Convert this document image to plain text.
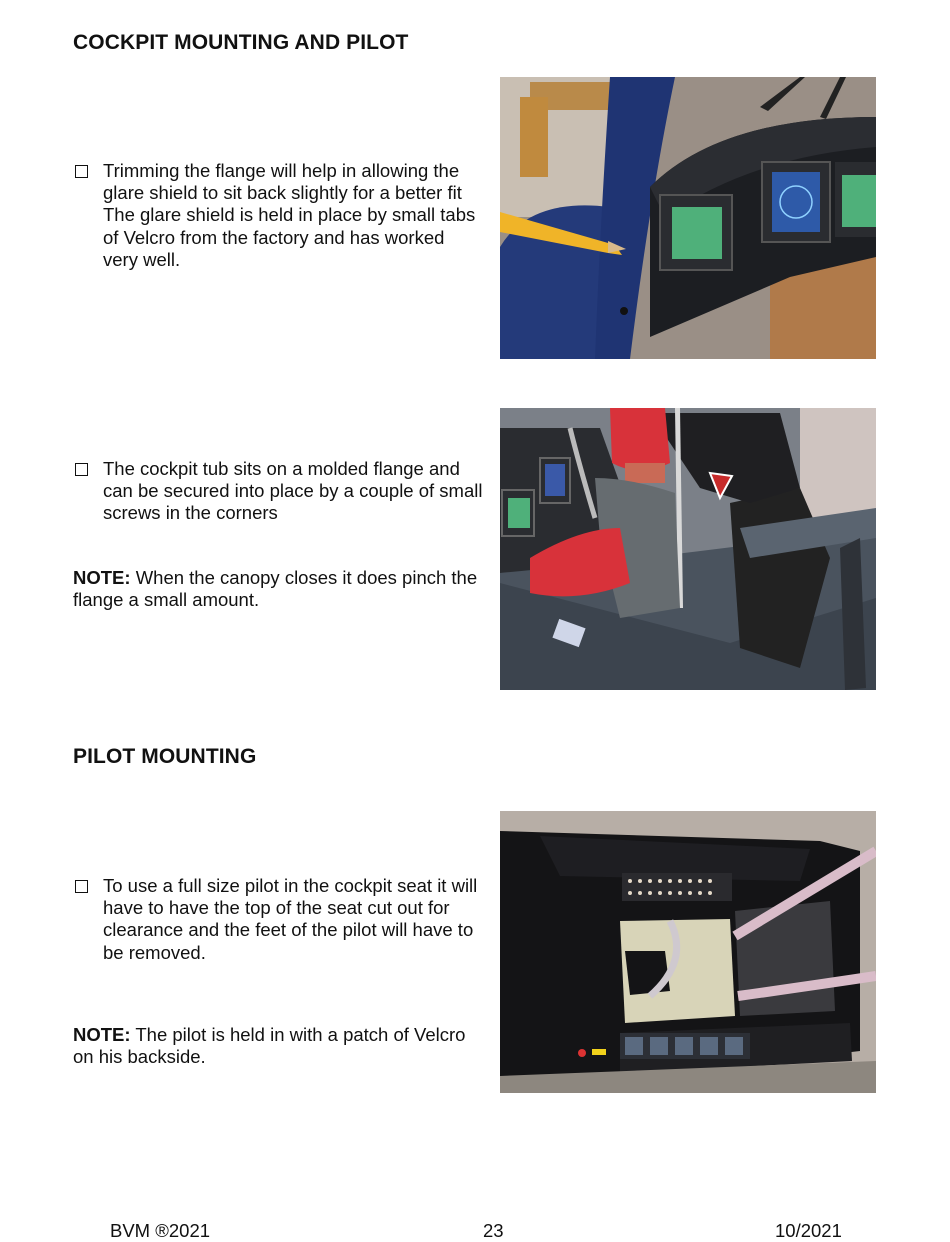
COCKPIT MOUNTING AND PILOT
Trimming the flange will help in allowing the glare shield to sit back slightly for a better fit The glare shield is held in place by small tabs of Velcro from the factory and has worked very well.
The cockpit tub sits on a molded flange and can be secured into place by a couple of small screws in the corners
NOTE: When the canopy closes it does pinch the flange a small amount.
PILOT MOUNTING
To use a full size pilot in the cockpit seat it will have to have the top of the seat cut out for clearance and the feet of the pilot will have to be removed.
NOTE: The pilot is held in with a patch of Velcro on his backside.
BVM ®2021	23	10/2021
